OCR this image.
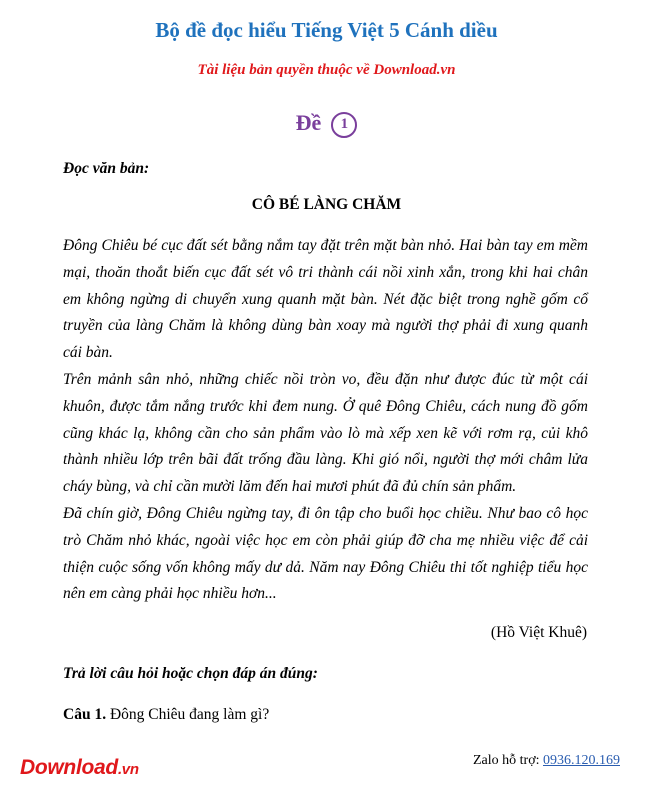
Bộ đề đọc hiểu Tiếng Việt 5 Cánh diều
Tài liệu bản quyền thuộc về Download.vn
Đề 1
Đọc văn bản:
CÔ BÉ LÀNG CHĂM

Đông Chiêu bé cục đất sét bằng nắm tay đặt trên mặt bàn nhỏ. Hai bàn tay em mềm mại, thoăn thoắt biến cục đất sét vô tri thành cái nồi xinh xắn, trong khi hai chân em không ngừng di chuyển xung quanh mặt bàn. Nét đặc biệt trong nghề gốm cổ truyền của làng Chăm là không dùng bàn xoay mà người thợ phải đi xung quanh cái bàn.

Trên mảnh sân nhỏ, những chiếc nồi tròn vo, đều đặn như được đúc từ một cái khuôn, được tắm nắng trước khi đem nung. Ở quê Đông Chiêu, cách nung đồ gốm cũng khác lạ, không cần cho sản phẩm vào lò mà xếp xen kẽ với rơm rạ, củi khô thành nhiều lớp trên bãi đất trống đầu làng. Khi gió nổi, người thợ mới châm lửa cháy bùng, và chỉ cần mười lăm đến hai mươi phút đã đủ chín sản phẩm.

Đã chín giờ, Đông Chiêu ngừng tay, đi ôn tập cho buổi học chiều. Như bao cô học trò Chăm nhỏ khác, ngoài việc học em còn phải giúp đỡ cha mẹ nhiều việc để cải thiện cuộc sống vốn không mấy dư dả. Năm nay Đông Chiêu thi tốt nghiệp tiểu học nên em càng phải học nhiều hơn...

(Hồ Việt Khuê)
Trả lời câu hỏi hoặc chọn đáp án đúng:
Câu 1. Đông Chiêu đang làm gì?
Download.vn
Zalo hỗ trợ: 0936.120.169
